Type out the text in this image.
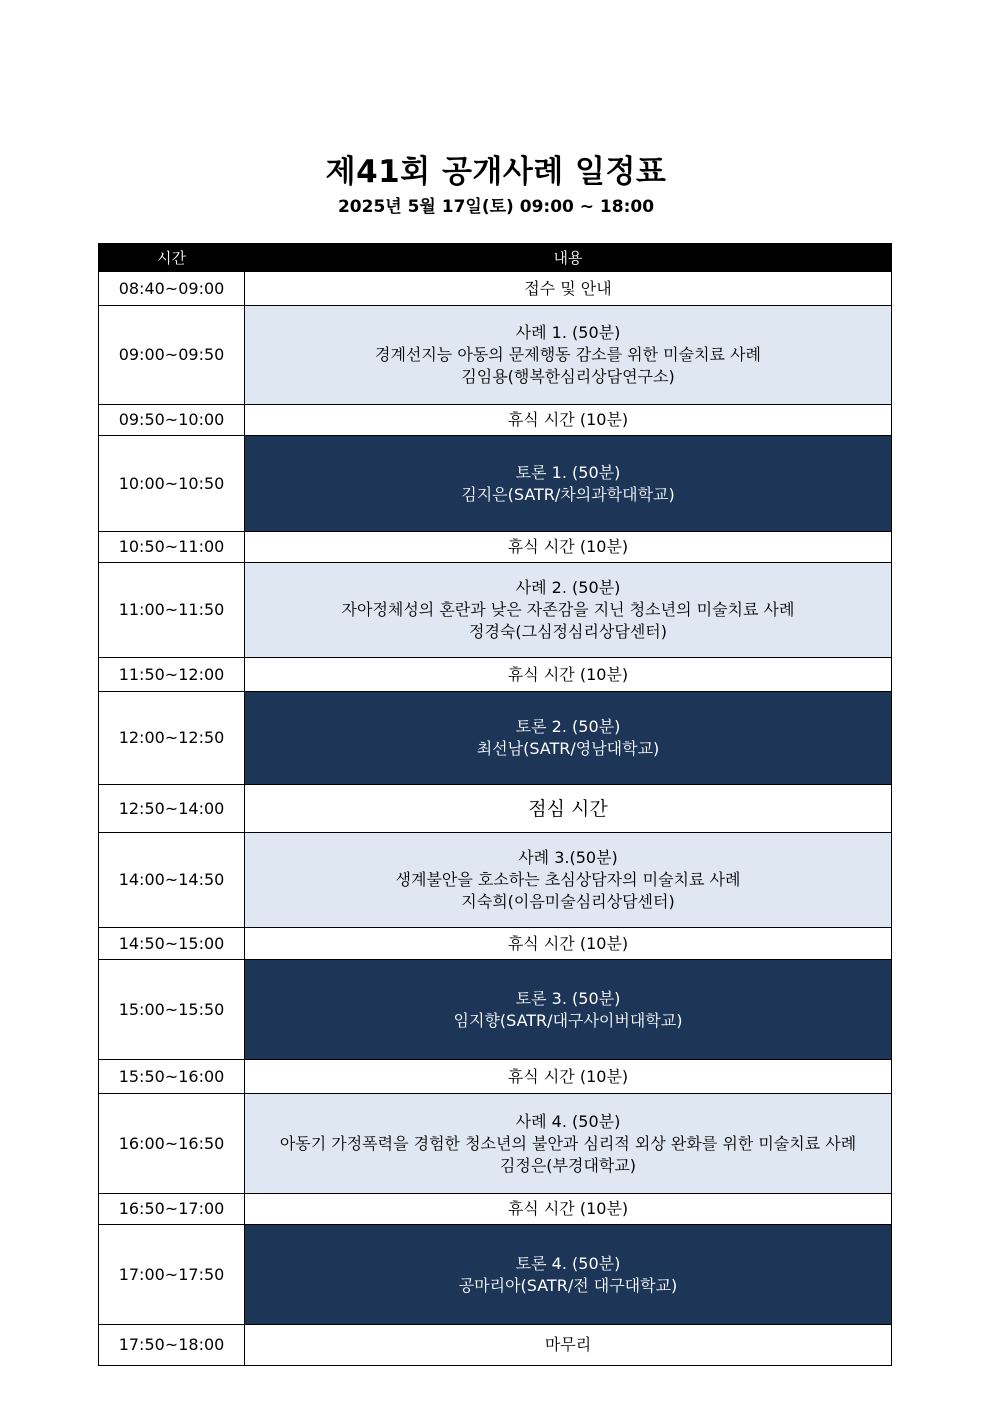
제41회 공개사례 일정표
2025년 5월 17일(토) 09:00 ~ 18:00
시간	내용
08:40~09:00	접수 및 안내

09:00~09:50	사례 1. (50분)
경계선지능 아동의 문제행동 감소를 위한 미술치료 사례
김임용(행복한심리상담연구소)

09:50~10:00	휴식 시간 (10분)

10:00~10:50	토론 1. (50분)
김지은(SATR/차의과학대학교)

10:50~11:00	휴식 시간 (10분)

11:00~11:50	사례 2. (50분)
자아정체성의 혼란과 낮은 자존감을 지닌 청소년의 미술치료 사례
정경숙(그심정심리상담센터)

11:50~12:00	휴식 시간 (10분)

12:00~12:50	토론 2. (50분)
최선남(SATR/영남대학교)

12:50~14:00	점심 시간

14:00~14:50	사례 3.(50분)
생계불안을 호소하는 초심상담자의 미술치료 사례
지숙희(이음미술심리상담센터)

14:50~15:00	휴식 시간 (10분)

15:00~15:50	토론 3. (50분)
임지향(SATR/대구사이버대학교)

15:50~16:00	휴식 시간 (10분)

16:00~16:50	사례 4. (50분)
아동기 가정폭력을 경험한 청소년의 불안과 심리적 외상 완화를 위한 미술치료 사례
김정은(부경대학교)

16:50~17:00	휴식 시간 (10분)

17:00~17:50	토론 4. (50분)
공마리아(SATR/전 대구대학교)

17:50~18:00	마무리
